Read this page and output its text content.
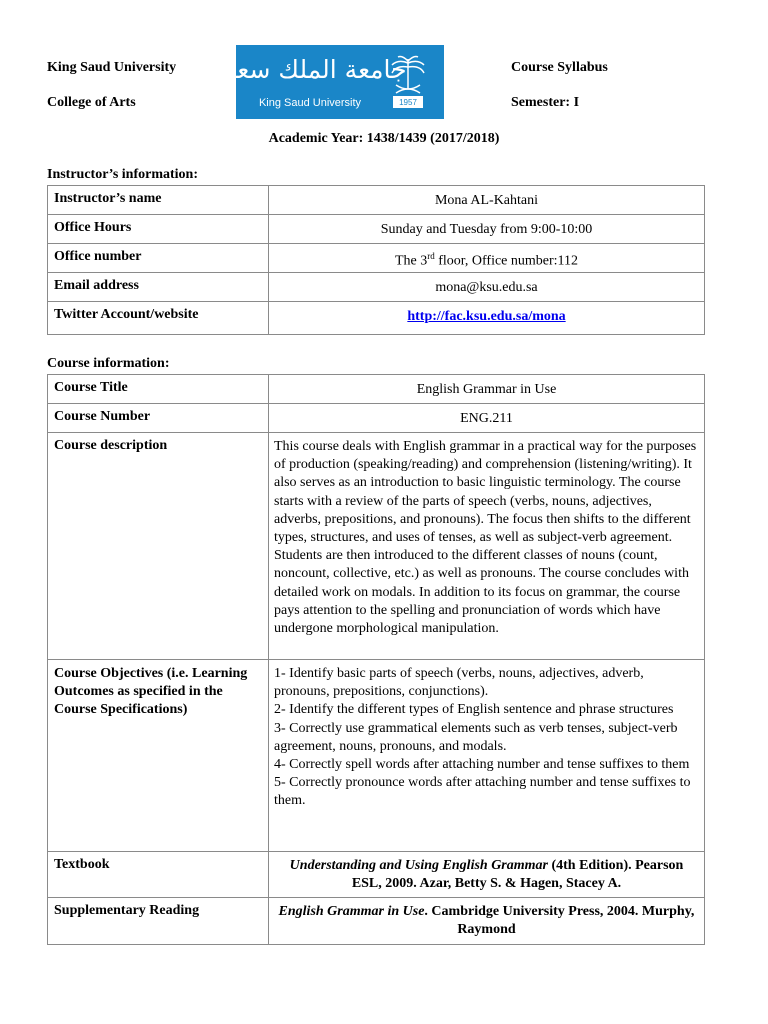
King Saud University
College of Arts
Course Syllabus
Semester: I
جامعة الملك سعود
King Saud University	1957
Academic Year: 1438/1439 (2017/2018)
Instructor’s information:
Instructor’s name	Mona AL-Kahtani
Office Hours	Sunday and Tuesday from 9:00-10:00
Office number	The 3rd floor, Office number:112
Email address	mona@ksu.edu.sa
Twitter Account/website	http://fac.ksu.edu.sa/mona
Course information:
Course Title	English Grammar in Use
Course Number	ENG.211
Course description	This course deals with English grammar in a practical way for the purposes of production (speaking/reading) and comprehension (listening/writing). It also serves as an introduction to basic linguistic terminology. The course starts with a review of the parts of speech (verbs, nouns, adjectives, adverbs, prepositions, and pronouns). The focus then shifts to the different types, structures, and uses of tenses, as well as subject-verb agreement. Students are then introduced to the different classes of nouns (count, noncount, collective, etc.) as well as pronouns. The course concludes with detailed work on modals. In addition to its focus on grammar, the course pays attention to the spelling and pronunciation of words which have undergone morphological manipulation.
Course Objectives (i.e. Learning Outcomes as specified in the Course Specifications)	1- Identify basic parts of speech (verbs, nouns, adjectives, adverb, pronouns, prepositions, conjunctions).
2- Identify the different types of English sentence and phrase structures
3- Correctly use grammatical elements such as verb tenses, subject-verb agreement, nouns, pronouns, and modals.
4- Correctly spell words after attaching number and tense suffixes to them
5- Correctly pronounce words after attaching number and tense suffixes to them.

Textbook	Understanding and Using English Grammar (4th Edition). Pearson ESL, 2009. Azar, Betty S. & Hagen, Stacey A.
Supplementary Reading	English Grammar in Use. Cambridge University Press, 2004. Murphy, Raymond
